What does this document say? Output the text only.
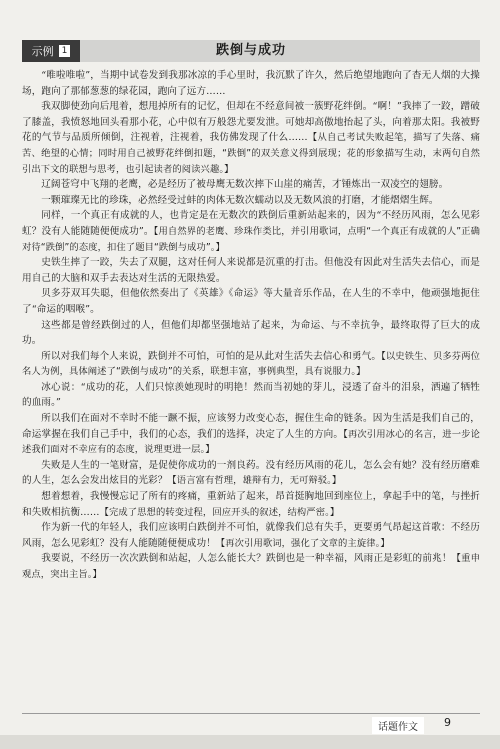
示例 1	跌倒与成功

“唯啦唯啦”，当期中试卷发到我那冰凉的手心里时，我沉默了许久，然后绝望地跑向了杳无人烟的大操场，跑向了那郁葱葱的绿花园，跑向了远方……

我双脚使劲向后甩着，想甩掉所有的记忆，但却在不经意间被一簇野花绊倒。“啊！”我摔了一跤，蹭破了膝盖，我愤怒地回头看那小花，心中似有万般怨尤要发泄。可她却高傲地抬起了头，向着那太阳。我被野花的气节与品质所倾倒，注视着，注视着，我仿佛发现了什么……【从自己考试失败起笔，描写了失落、痛苦、绝望的心情；同时用自己被野花绊倒扣题，“跌倒”的双关意义得到展现；花的形象描写生动，末两句自然引出下文的联想与思考，也引起读者的阅读兴趣。】

辽阔苍穹中飞翔的老鹰，必是经历了被母鹰无数次摔下山崖的痛苦，才锤炼出一双凌空的翅膀。

一颗璀璨无比的珍珠，必然经受过蚌的肉体无数次蠕动以及无数风浪的打磨，才能熠熠生辉。

同样，一个真正有成就的人，也肯定是在无数次的跌倒后重新站起来的，因为“不经历风雨，怎么见彩虹？没有人能随随便便成功”。【用自然界的老鹰、珍珠作类比，并引用歌词，点明“一个真正有成就的人”正确对待“跌倒”的态度，扣住了题目“跌倒与成功”。】

史铁生摔了一跤，失去了双腿，这对任何人来说都是沉重的打击。但他没有因此对生活失去信心，而是用自己的大脑和双手去表达对生活的无限热爱。

贝多芬双耳失聪，但他依然奏出了《英雄》《命运》等大量音乐作品，在人生的不幸中，他顽强地扼住了“命运的咽喉”。

这些都是曾经跌倒过的人，但他们却都坚强地站了起来，为命运、与不幸抗争，最终取得了巨大的成功。

所以对我们每个人来说，跌倒并不可怕，可怕的是从此对生活失去信心和勇气。【以史铁生、贝多芬两位名人为例，具体阐述了“跌倒与成功”的关系，联想丰富，事例典型，具有说服力。】

冰心说：“成功的花，人们只惊羡她现时的明艳！然而当初她的芽儿，浸透了奋斗的泪泉，洒遍了牺牲的血雨。”

所以我们在面对不幸时不能一蹶不振，应该努力改变心态，握住生命的链条。因为生活是我们自己的，命运掌握在我们自己手中，我们的心态，我们的选择，决定了人生的方向。【再次引用冰心的名言，进一步论述我们面对不幸应有的态度，说理更进一层。】

失败是人生的一笔财富，是促使你成功的一剂良药。没有经历风雨的花儿，怎么会有她？没有经历磨难的人生，怎么会发出炫目的光彩？【语言富有哲理，雄辩有力，无可辩驳。】

想着想着，我慢慢忘记了所有的疼痛，重新站了起来，昂首挺胸地回到座位上，拿起手中的笔，与挫折和失败相抗衡……【完成了思想的转变过程，回应开头的叙述，结构严密。】

作为新一代的年轻人，我们应该明白跌倒并不可怕，就像我们总有失手，更要勇气昂起这首歌：不经历风雨，怎么见彩虹？没有人能随随便便成功！【再次引用歌词，强化了文章的主旋律。】

我要说，不经历一次次跌倒和站起，人怎么能长大？跌倒也是一种幸福，风雨正是彩虹的前兆！【重申观点，突出主旨。】

话题作文	9
